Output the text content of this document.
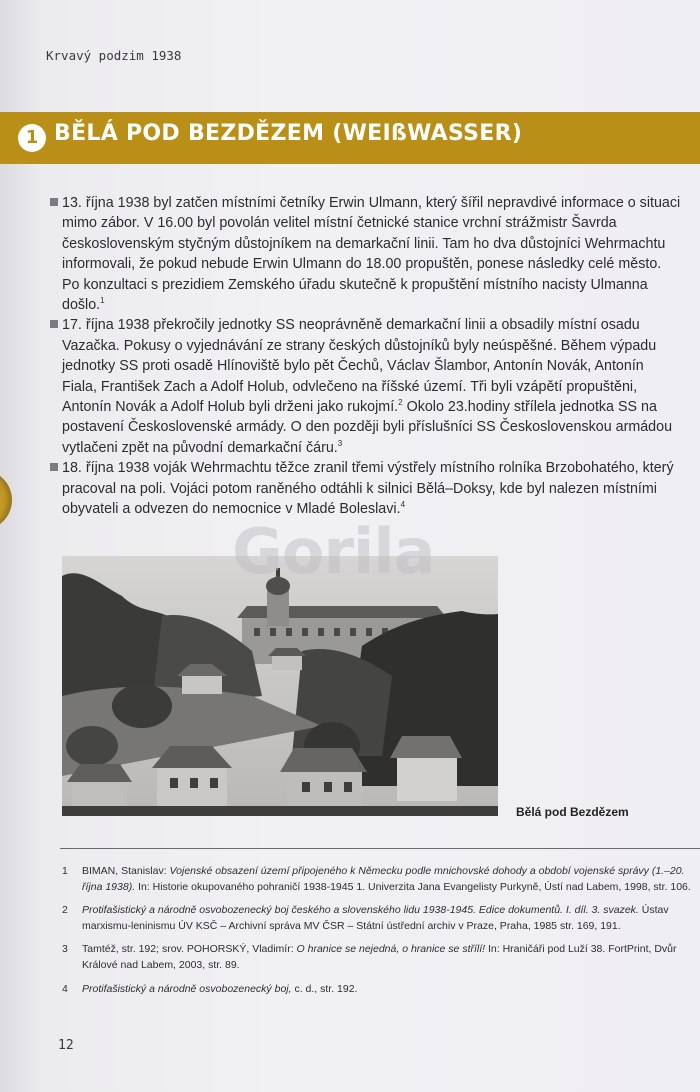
Krvavý podzim 1938
1 BĚLÁ POD BEZDĚZEM (WEIßWASSER)

13. října 1938 byl zatčen místními četníky Erwin Ulmann, který šířil nepravdivé informace o situaci mimo zábor. V 16.00 byl povolán velitel místní četnické stanice vrchní strážmistr Šavrda československým styčným důstojníkem na demarkační linii. Tam ho dva důstojníci Wehrmachtu informovali, že pokud nebude Erwin Ulmann do 18.00 propuštěn, ponese následky celé město. Po konzultaci s prezidiem Zemského úřadu skutečně k propuštění místního nacisty Ulmanna došlo.$^1$

17. října 1938 překročily jednotky SS neoprávněně demarkační linii a obsadily místní osadu Vazačka. Pokusy o vyjednávání ze strany českých důstojníků byly neúspěšné. Během výpadu jednotky SS proti osadě Hlínoviště bylo pět Čechů, Václav Šlambor, Antonín Novák, Antonín Fiala, František Zach a Adolf Holub, odvlečeno na říšské území. Tři byli vzápětí propuštěni, Antonín Novák a Adolf Holub byli drženi jako rukojmí.$^2$ Okolo 23.hodiny střílela jednotka SS na postavení Československé armády. O den později byli příslušníci SS Československou armádou vytlačeni zpět na původní demarkační čáru.$^3$

18. října 1938 voják Wehrmachtu těžce zranil třemi výstřely místního rolníka Brzobohatého, který pracoval na poli. Vojáci potom raněného odtáhli k silnici Bělá–Doksy, kde byl nalezen místními obyvateli a odvezen do nemocnice v Mladé Boleslavi.$^4$

Bělá pod Bezdězem
Gorila
1 BIMAN, Stanislav: Vojenské obsazení území připojeného k Německu podle mnichovské dohody a období vojenské správy (1.–20. října 1938). In: Historie okupovaného pohraničí 1938-1945 1. Univerzita Jana Evangelisty Purkyně, Ústí nad Labem, 1998, str. 106.
2 Protifašistický a národně osvobozenecký boj českého a slovenského lidu 1938-1945. Edice dokumentů. I. díl. 3. svazek. Ústav marxismu-leninismu ÚV KSČ – Archivní správa MV ČSR – Státní ústřední archiv v Praze, Praha, 1985 str. 169, 191.
3 Tamtéž, str. 192; srov. POHORSKÝ, Vladimír: O hranice se nejedná, o hranice se střílí! In: Hraničáři pod Luží 38. FortPrint, Dvůr Králové nad Labem, 2003, str. 89.
4 Protifašistický a národně osvobozenecký boj, c. d., str. 192.
12
